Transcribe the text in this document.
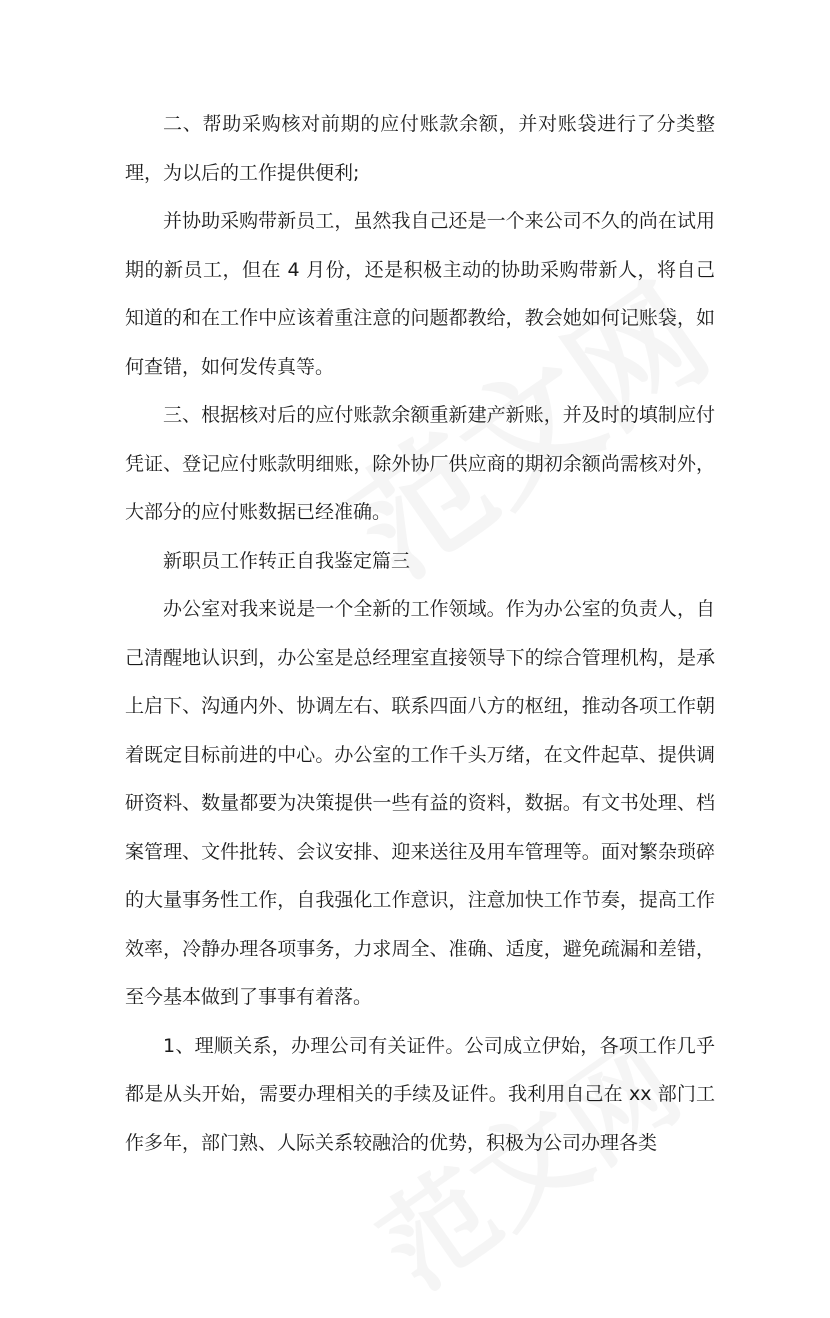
二、帮助采购核对前期的应付账款余额，并对账袋进行了分类整理，为以后的工作提供便利;

并协助采购带新员工，虽然我自己还是一个来公司不久的尚在试用期的新员工，但在 4 月份，还是积极主动的协助采购带新人，将自己知道的和在工作中应该着重注意的问题都教给，教会她如何记账袋，如何查错，如何发传真等。

三、根据核对后的应付账款余额重新建产新账，并及时的填制应付凭证、登记应付账款明细账，除外协厂供应商的期初余额尚需核对外，大部分的应付账数据已经准确。

新职员工作转正自我鉴定篇三

办公室对我来说是一个全新的工作领域。作为办公室的负责人，自己清醒地认识到，办公室是总经理室直接领导下的综合管理机构，是承上启下、沟通内外、协调左右、联系四面八方的枢纽，推动各项工作朝着既定目标前进的中心。办公室的工作千头万绪，在文件起草、提供调研资料、数量都要为决策提供一些有益的资料，数据。有文书处理、档案管理、文件批转、会议安排、迎来送往及用车管理等。面对繁杂琐碎的大量事务性工作，自我强化工作意识，注意加快工作节奏，提高工作效率，冷静办理各项事务，力求周全、准确、适度，避免疏漏和差错，至今基本做到了事事有着落。

1、理顺关系，办理公司有关证件。公司成立伊始，各项工作几乎都是从头开始，需要办理相关的手续及证件。我利用自己在 xx 部门工作多年，部门熟、人际关系较融洽的优势，积极为公司办理各类
